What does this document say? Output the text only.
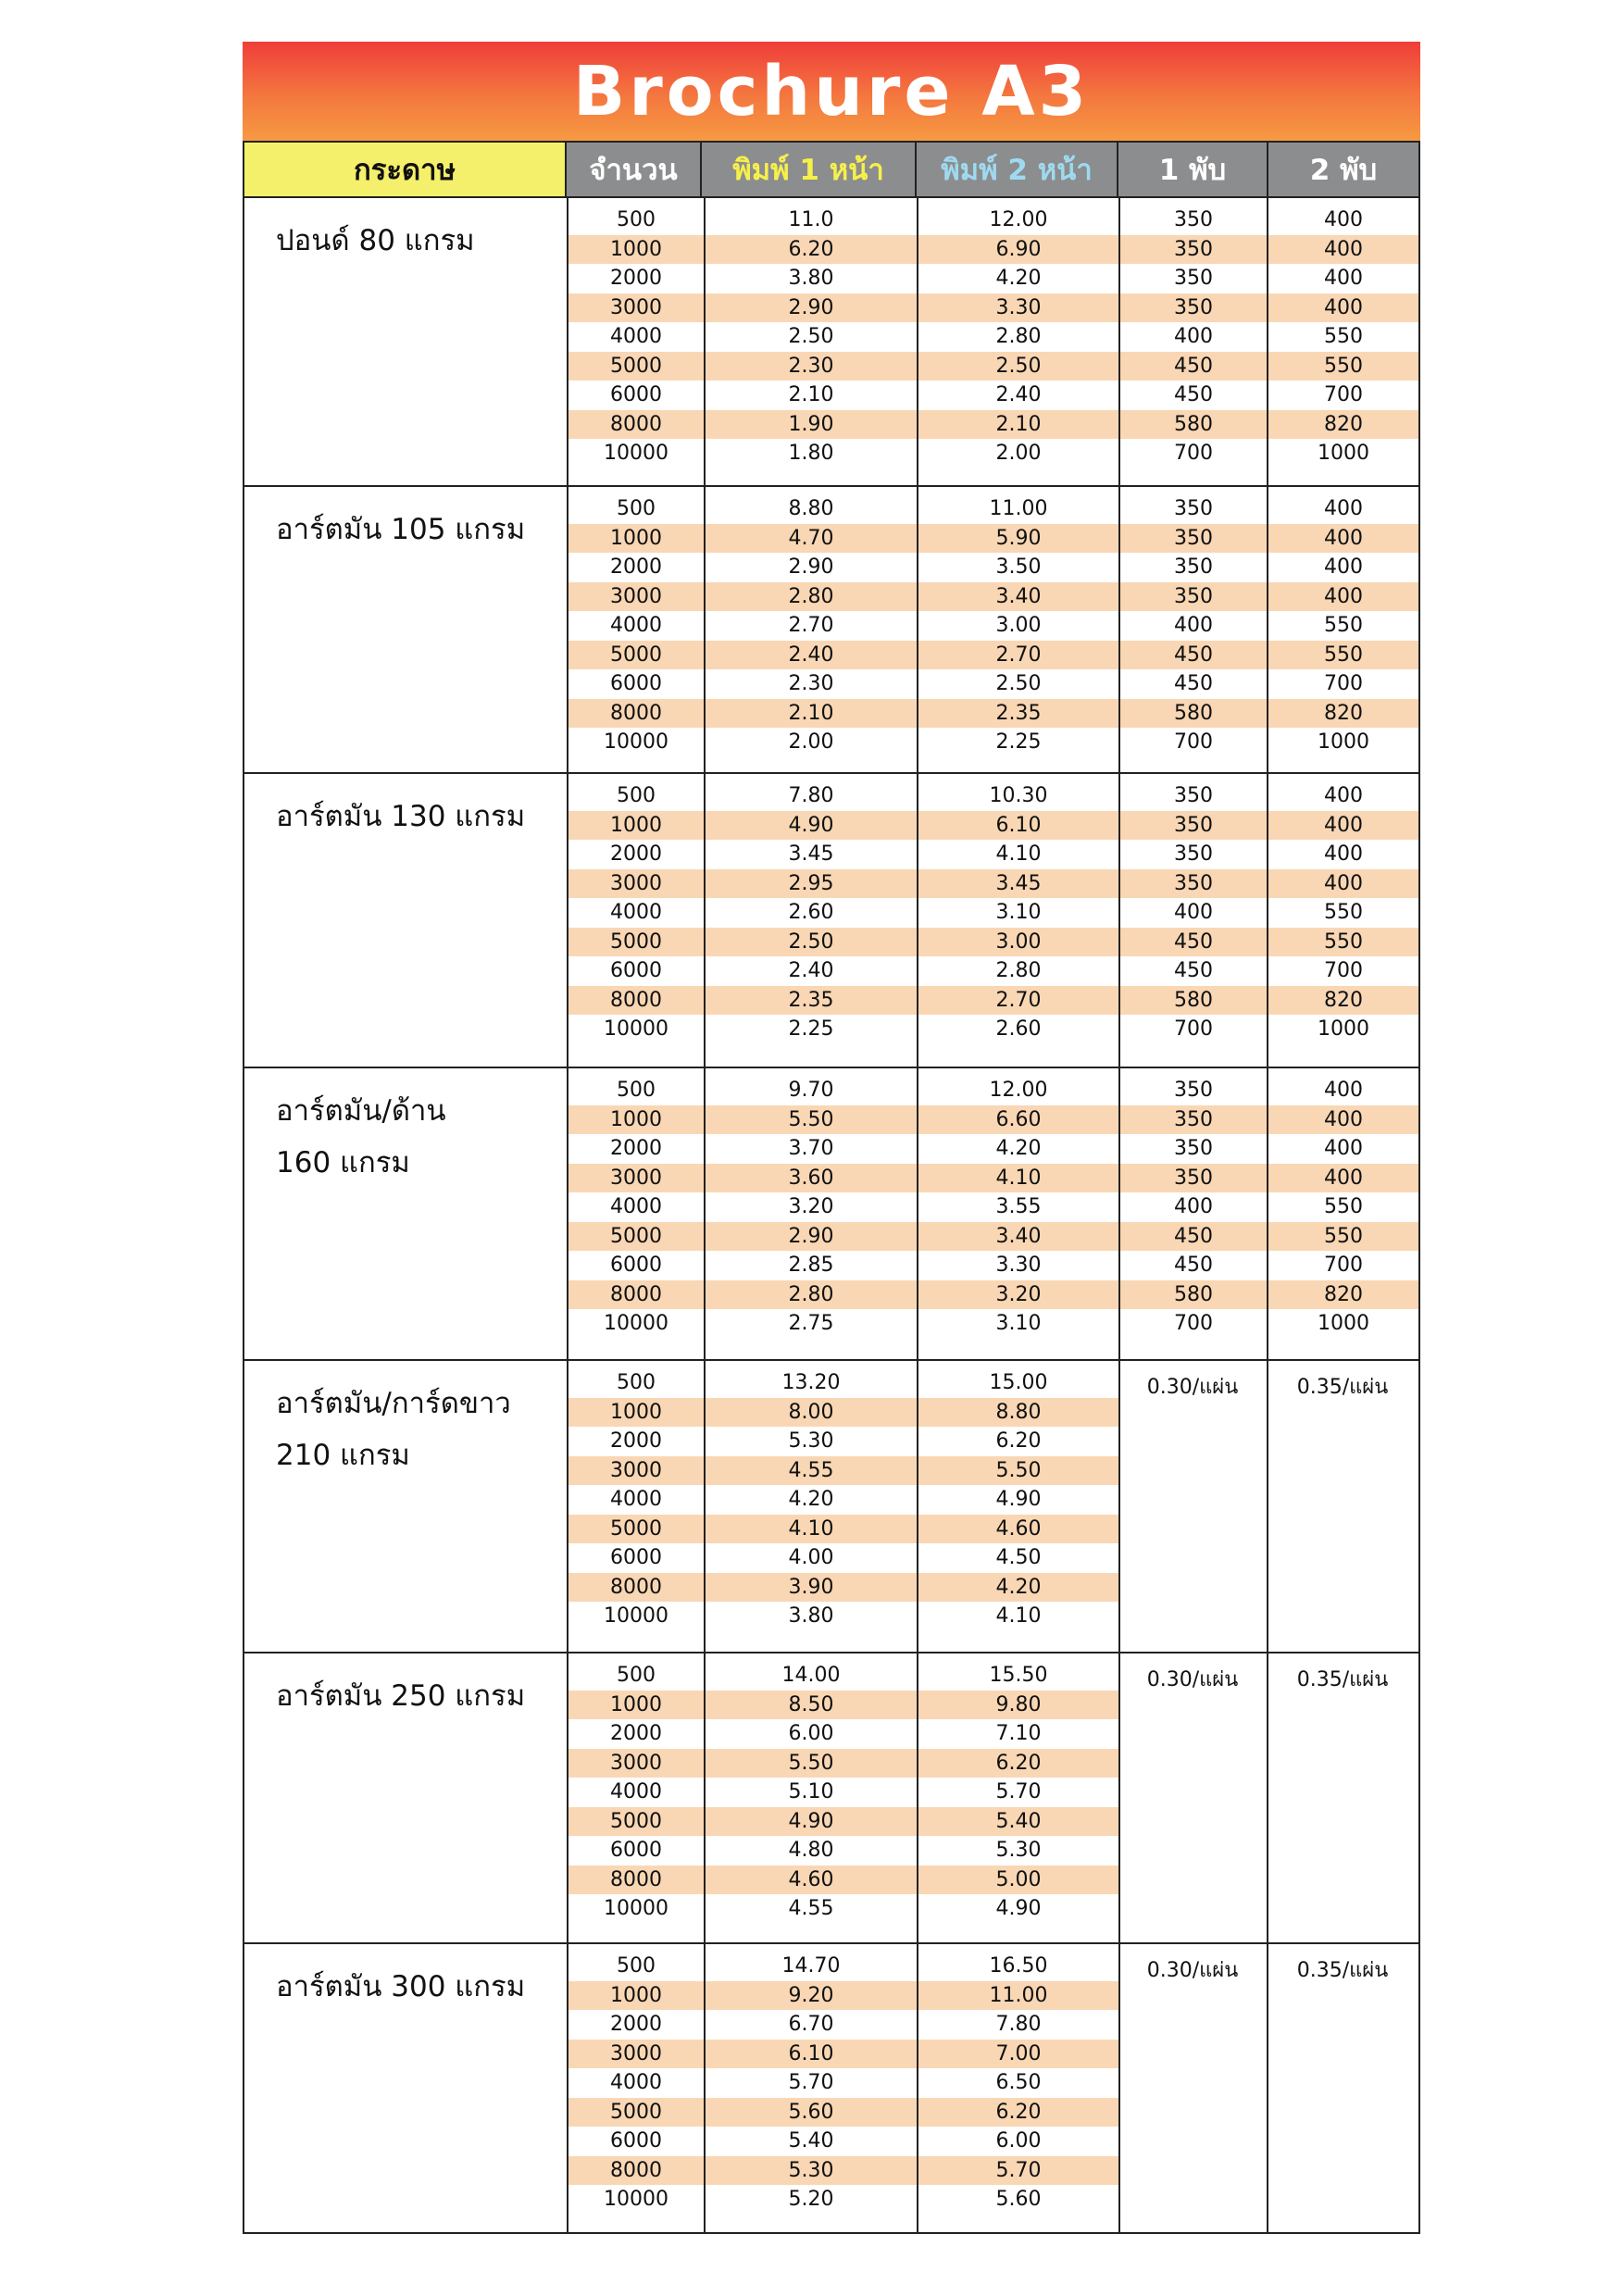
Brochure A3
กระดาษ	จำนวน	พิมพ์ 1 หน้า	พิมพ์ 2 หน้า	1 พับ	2 พับ
ปอนด์ 80 แกรม
500	11.0	12.00	350	400
1000	6.20	6.90	350	400
2000	3.80	4.20	350	400
3000	2.90	3.30	350	400
4000	2.50	2.80	400	550
5000	2.30	2.50	450	550
6000	2.10	2.40	450	700
8000	1.90	2.10	580	820
10000	1.80	2.00	700	1000
อาร์ตมัน 105 แกรม
500	8.80	11.00	350	400
1000	4.70	5.90	350	400
2000	2.90	3.50	350	400
3000	2.80	3.40	350	400
4000	2.70	3.00	400	550
5000	2.40	2.70	450	550
6000	2.30	2.50	450	700
8000	2.10	2.35	580	820
10000	2.00	2.25	700	1000
อาร์ตมัน 130 แกรม
500	7.80	10.30	350	400
1000	4.90	6.10	350	400
2000	3.45	4.10	350	400
3000	2.95	3.45	350	400
4000	2.60	3.10	400	550
5000	2.50	3.00	450	550
6000	2.40	2.80	450	700
8000	2.35	2.70	580	820
10000	2.25	2.60	700	1000
อาร์ตมัน/ด้าน
160 แกรม
500	9.70	12.00	350	400
1000	5.50	6.60	350	400
2000	3.70	4.20	350	400
3000	3.60	4.10	350	400
4000	3.20	3.55	400	550
5000	2.90	3.40	450	550
6000	2.85	3.30	450	700
8000	2.80	3.20	580	820
10000	2.75	3.10	700	1000
อาร์ตมัน/การ์ดขาว
210 แกรม
500	13.20	15.00
1000	8.00	8.80
2000	5.30	6.20
3000	4.55	5.50
4000	4.20	4.90
5000	4.10	4.60
6000	4.00	4.50
8000	3.90	4.20
10000	3.80	4.10
0.30/แผ่น	0.35/แผ่น
อาร์ตมัน 250 แกรม
500	14.00	15.50
1000	8.50	9.80
2000	6.00	7.10
3000	5.50	6.20
4000	5.10	5.70
5000	4.90	5.40
6000	4.80	5.30
8000	4.60	5.00
10000	4.55	4.90
0.30/แผ่น	0.35/แผ่น
อาร์ตมัน 300 แกรม
500	14.70	16.50
1000	9.20	11.00
2000	6.70	7.80
3000	6.10	7.00
4000	5.70	6.50
5000	5.60	6.20
6000	5.40	6.00
8000	5.30	5.70
10000	5.20	5.60
0.30/แผ่น	0.35/แผ่น
